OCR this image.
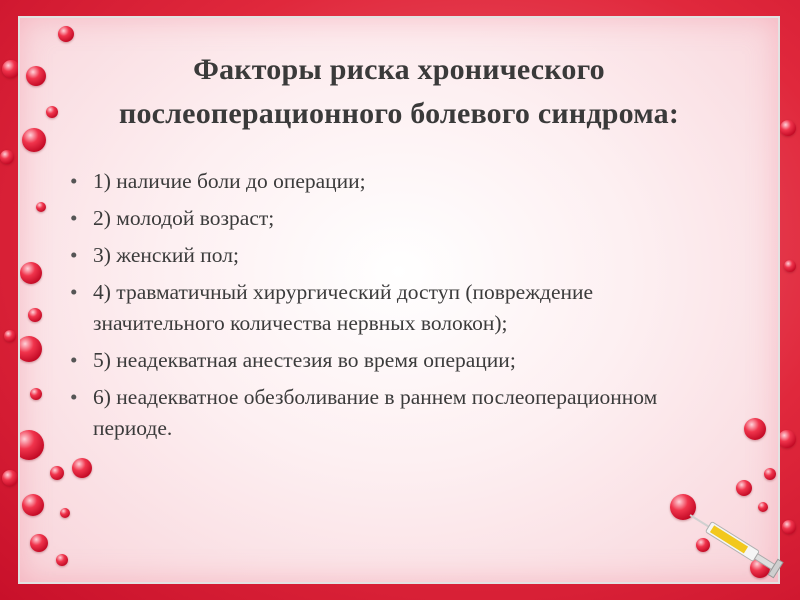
Факторы риска хронического
послеоперационного болевого синдрома:
• 1) наличие боли до операции;
• 2) молодой возраст;
• 3) женский пол;
• 4) травматичный хирургический доступ (повреждение значительного количества нервных волокон);
• 5) неадекватная анестезия во время операции;
• 6) неадекватное обезболивание в раннем послеоперационном периоде.
